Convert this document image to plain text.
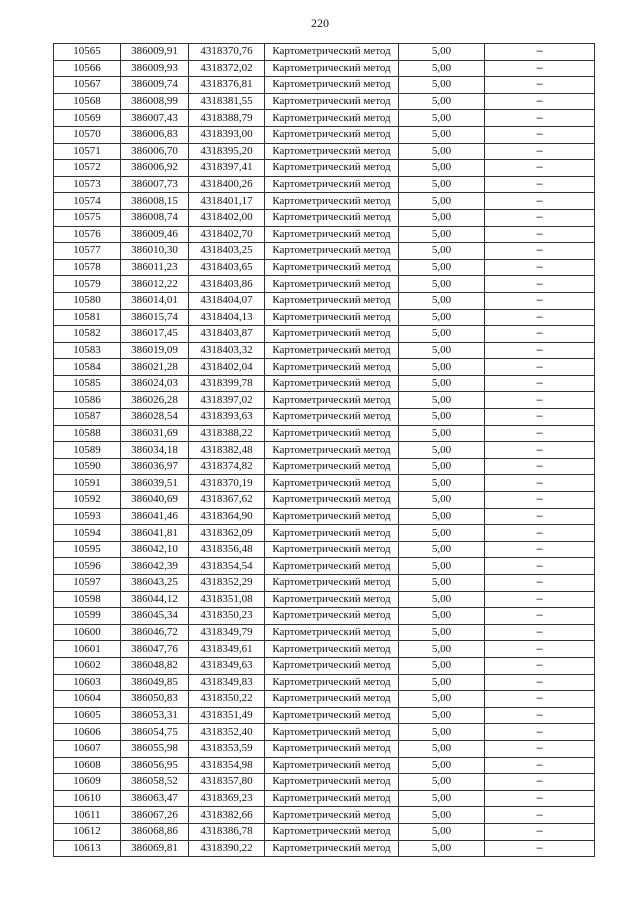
220
10565	386009,91	4318370,76	Картометрический метод	5,00	–
10566	386009,93	4318372,02	Картометрический метод	5,00	–
10567	386009,74	4318376,81	Картометрический метод	5,00	–
10568	386008,99	4318381,55	Картометрический метод	5,00	–
10569	386007,43	4318388,79	Картометрический метод	5,00	–
10570	386006,83	4318393,00	Картометрический метод	5,00	–
10571	386006,70	4318395,20	Картометрический метод	5,00	–
10572	386006,92	4318397,41	Картометрический метод	5,00	–
10573	386007,73	4318400,26	Картометрический метод	5,00	–
10574	386008,15	4318401,17	Картометрический метод	5,00	–
10575	386008,74	4318402,00	Картометрический метод	5,00	–
10576	386009,46	4318402,70	Картометрический метод	5,00	–
10577	386010,30	4318403,25	Картометрический метод	5,00	–
10578	386011,23	4318403,65	Картометрический метод	5,00	–
10579	386012,22	4318403,86	Картометрический метод	5,00	–
10580	386014,01	4318404,07	Картометрический метод	5,00	–
10581	386015,74	4318404,13	Картометрический метод	5,00	–
10582	386017,45	4318403,87	Картометрический метод	5,00	–
10583	386019,09	4318403,32	Картометрический метод	5,00	–
10584	386021,28	4318402,04	Картометрический метод	5,00	–
10585	386024,03	4318399,78	Картометрический метод	5,00	–
10586	386026,28	4318397,02	Картометрический метод	5,00	–
10587	386028,54	4318393,63	Картометрический метод	5,00	–
10588	386031,69	4318388,22	Картометрический метод	5,00	–
10589	386034,18	4318382,48	Картометрический метод	5,00	–
10590	386036,97	4318374,82	Картометрический метод	5,00	–
10591	386039,51	4318370,19	Картометрический метод	5,00	–
10592	386040,69	4318367,62	Картометрический метод	5,00	–
10593	386041,46	4318364,90	Картометрический метод	5,00	–
10594	386041,81	4318362,09	Картометрический метод	5,00	–
10595	386042,10	4318356,48	Картометрический метод	5,00	–
10596	386042,39	4318354,54	Картометрический метод	5,00	–
10597	386043,25	4318352,29	Картометрический метод	5,00	–
10598	386044,12	4318351,08	Картометрический метод	5,00	–
10599	386045,34	4318350,23	Картометрический метод	5,00	–
10600	386046,72	4318349,79	Картометрический метод	5,00	–
10601	386047,76	4318349,61	Картометрический метод	5,00	–
10602	386048,82	4318349,63	Картометрический метод	5,00	–
10603	386049,85	4318349,83	Картометрический метод	5,00	–
10604	386050,83	4318350,22	Картометрический метод	5,00	–
10605	386053,31	4318351,49	Картометрический метод	5,00	–
10606	386054,75	4318352,40	Картометрический метод	5,00	–
10607	386055,98	4318353,59	Картометрический метод	5,00	–
10608	386056,95	4318354,98	Картометрический метод	5,00	–
10609	386058,52	4318357,80	Картометрический метод	5,00	–
10610	386063,47	4318369,23	Картометрический метод	5,00	–
10611	386067,26	4318382,66	Картометрический метод	5,00	–
10612	386068,86	4318386,78	Картометрический метод	5,00	–
10613	386069,81	4318390,22	Картометрический метод	5,00	–
